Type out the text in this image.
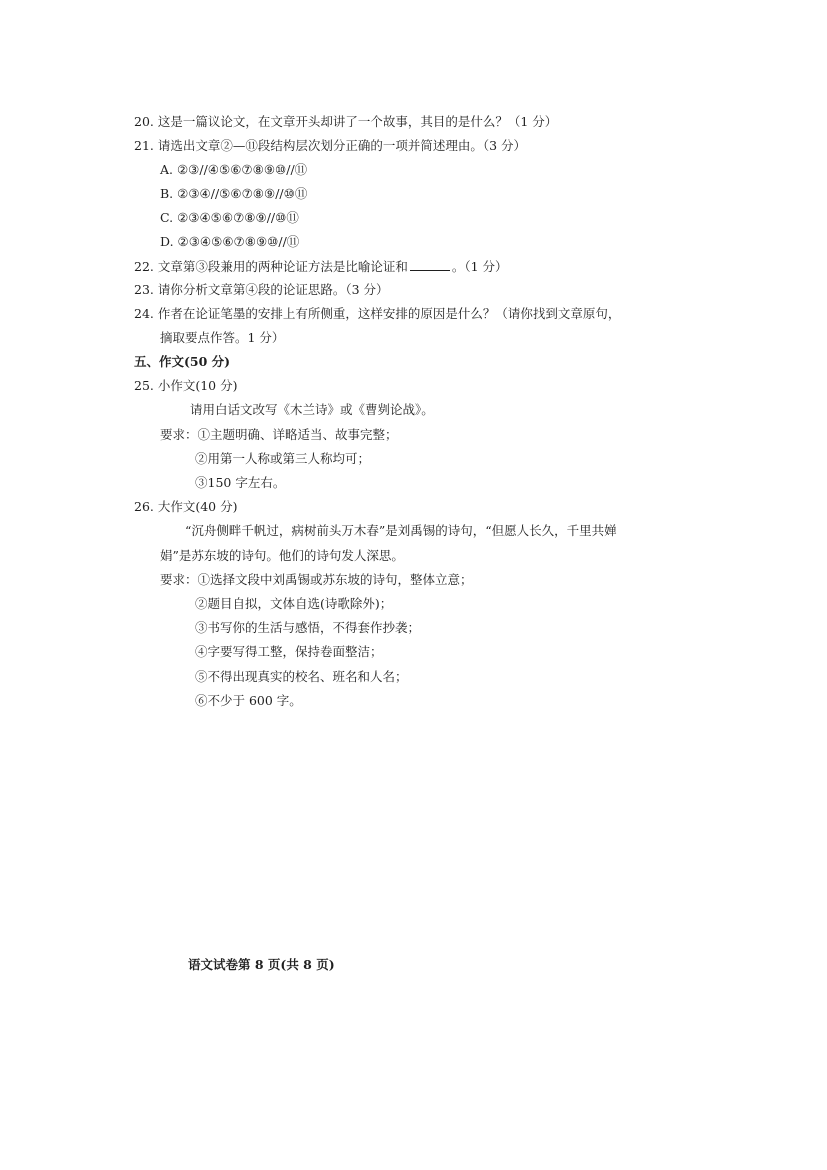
20. 这是一篇议论文，在文章开头却讲了一个故事，其目的是什么？（1 分）
21. 请选出文章②—⑪段结构层次划分正确的一项并简述理由。（3 分）
A. ②③//④⑤⑥⑦⑧⑨⑩//⑪
B. ②③④//⑤⑥⑦⑧⑨//⑩⑪
C. ②③④⑤⑥⑦⑧⑨//⑩⑪
D. ②③④⑤⑥⑦⑧⑨⑩//⑪
22. 文章第③段兼用的两种论证方法是比喻论证和	。（1 分）
23. 请你分析文章第④段的论证思路。（3 分）
24. 作者在论证笔墨的安排上有所侧重，这样安排的原因是什么？（请你找到文章原句，
摘取要点作答。1 分）
五、作文(50 分)
25. 小作文(10 分)
请用白话文改写《木兰诗》或《曹刿论战》。
要求：①主题明确、详略适当、故事完整；
②用第一人称或第三人称均可；
③150 字左右。
26. 大作文(40 分)
“沉舟侧畔千帆过，病树前头万木春”是刘禹锡的诗句，“但愿人长久，千里共婵
娟”是苏东坡的诗句。他们的诗句发人深思。
要求：①选择文段中刘禹锡或苏东坡的诗句，整体立意；
②题目自拟，文体自选(诗歌除外)；
③书写你的生活与感悟，不得套作抄袭；
④字要写得工整，保持卷面整洁；
⑤不得出现真实的校名、班名和人名；
⑥不少于 600 字。
语文试卷第 8 页(共 8 页)
